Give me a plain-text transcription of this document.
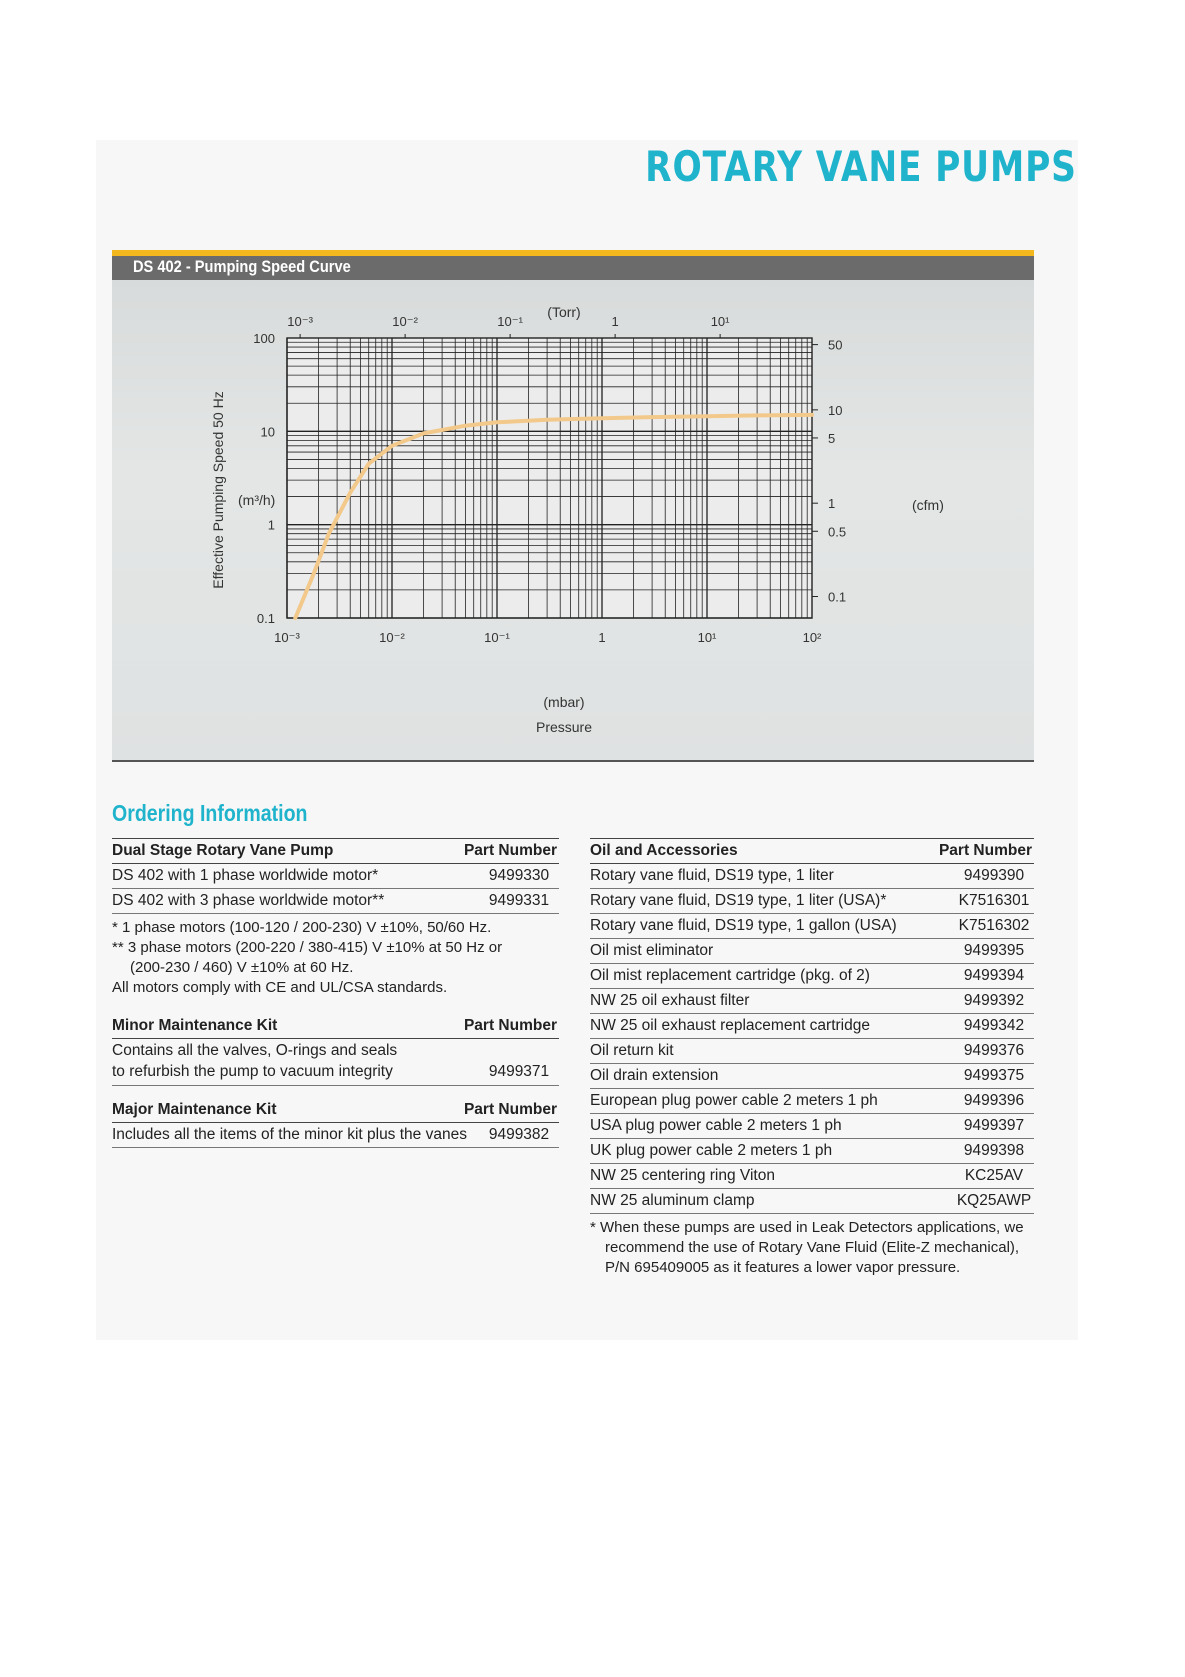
ROTARY VANE PUMPS
DS 402 - Pumping Speed Curve
(Torr)
(mbar)
Pressure
Effective Pumping Speed 50 Hz (m³/h)	(cfm)
10⁻³	10⁻²	10⁻¹	1	10¹	10²
10⁻³	10⁻²	10⁻¹	1	10¹
100
10
1
0.1
50
10
5
1
0.5
0.1
Ordering Information
Dual Stage Rotary Vane Pump	Part Number
DS 402 with 1 phase worldwide motor*	9499330
DS 402 with 3 phase worldwide motor**	9499331
* 1 phase motors (100-120 / 200-230) V ±10%, 50/60 Hz.
** 3 phase motors (200-220 / 380-415) V ±10% at 50 Hz or
(200-230 / 460) V ±10% at 60 Hz.
All motors comply with CE and UL/CSA standards.
Minor Maintenance Kit	Part Number
Contains all the valves, O-rings and seals
to refurbish the pump to vacuum integrity	9499371
Major Maintenance Kit	Part Number
Includes all the items of the minor kit plus the vanes	9499382
Oil and Accessories	Part Number
Rotary vane fluid, DS19 type, 1 liter	9499390
Rotary vane fluid, DS19 type, 1 liter (USA)*	K7516301
Rotary vane fluid, DS19 type, 1 gallon (USA)	K7516302
Oil mist eliminator	9499395
Oil mist replacement cartridge (pkg. of 2)	9499394
NW 25 oil exhaust filter	9499392
NW 25 oil exhaust replacement cartridge	9499342
Oil return kit	9499376
Oil drain extension	9499375
European plug power cable 2 meters 1 ph	9499396
USA plug power cable 2 meters 1 ph	9499397
UK plug power cable 2 meters 1 ph	9499398
NW 25 centering ring Viton	KC25AV
NW 25 aluminum clamp	KQ25AWP
* When these pumps are used in Leak Detectors applications, we
recommend the use of Rotary Vane Fluid (Elite-Z mechanical),
P/N 695409005 as it features a lower vapor pressure.
